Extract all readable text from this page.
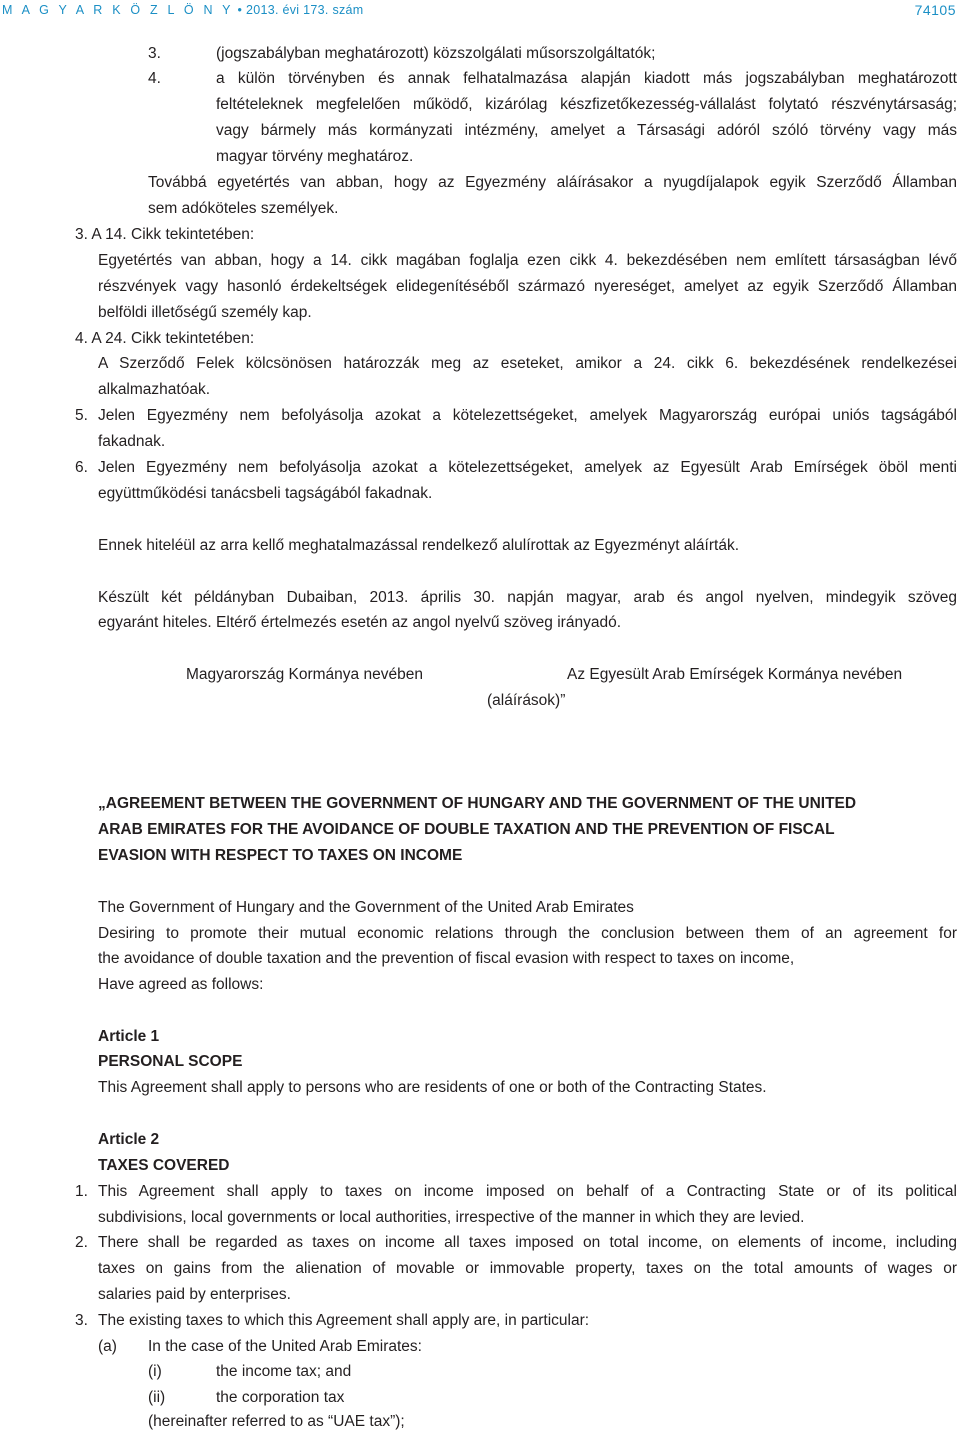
M A G Y A R K Ö Z L Ö N Y • 2013. évi 173. szám	74105
3.	(jogszabályban meghatározott) közszolgálati műsorszolgáltatók;
4.	a külön törvényben és annak felhatalmazása alapján kiadott más jogszabályban meghatározott
feltételeknek megfelelően működő, kizárólag készfizetőkezesség-vállalást folytató részvénytársaság;
vagy bármely más kormányzati intézmény, amelyet a Társasági adóról szóló törvény vagy más
magyar törvény meghatároz.
Továbbá egyetértés van abban, hogy az Egyezmény aláírásakor a nyugdíjalapok egyik Szerződő Államban
sem adóköteles személyek.
3. A 14. Cikk tekintetében:
Egyetértés van abban, hogy a 14. cikk magában foglalja ezen cikk 4. bekezdésében nem említett társaságban lévő
részvények vagy hasonló érdekeltségek elidegenítéséből származó nyereséget, amelyet az egyik Szerződő Államban
belföldi illetőségű személy kap.
4. A 24. Cikk tekintetében:
A Szerződő Felek kölcsönösen határozzák meg az eseteket, amikor a 24. cikk 6. bekezdésének rendelkezései
alkalmazhatóak.
5. Jelen Egyezmény nem befolyásolja azokat a kötelezettségeket, amelyek Magyarország európai uniós tagságából
fakadnak.
6. Jelen Egyezmény nem befolyásolja azokat a kötelezettségeket, amelyek az Egyesült Arab Emírségek öböl menti
együttműködési tanácsbeli tagságából fakadnak.
Ennek hiteléül az arra kellő meghatalmazással rendelkező alulírottak az Egyezményt aláírták.
Készült két példányban Dubaiban, 2013. április 30. napján magyar, arab és angol nyelven, mindegyik szöveg
egyaránt hiteles. Eltérő értelmezés esetén az angol nyelvű szöveg irányadó.
Magyarország Kormánya nevében	Az Egyesült Arab Emírségek Kormánya nevében
(aláírások)”
„AGREEMENT BETWEEN THE GOVERNMENT OF HUNGARY AND THE GOVERNMENT OF THE UNITED
ARAB EMIRATES FOR THE AVOIDANCE OF DOUBLE TAXATION AND THE PREVENTION OF FISCAL
EVASION WITH RESPECT TO TAXES ON INCOME
The Government of Hungary and the Government of the United Arab Emirates
Desiring to promote their mutual economic relations through the conclusion between them of an agreement for
the avoidance of double taxation and the prevention of fiscal evasion with respect to taxes on income,
Have agreed as follows:
Article 1
PERSONAL SCOPE
This Agreement shall apply to persons who are residents of one or both of the Contracting States.
Article 2
TAXES COVERED
1. This Agreement shall apply to taxes on income imposed on behalf of a Contracting State or of its political
subdivisions, local governments or local authorities, irrespective of the manner in which they are levied.
2. There shall be regarded as taxes on income all taxes imposed on total income, on elements of income, including
taxes on gains from the alienation of movable or immovable property, taxes on the total amounts of wages or
salaries paid by enterprises.
3. The existing taxes to which this Agreement shall apply are, in particular:
(a) In the case of the United Arab Emirates:
(i)	the income tax; and
(ii)	the corporation tax
(hereinafter referred to as “UAE tax”);
